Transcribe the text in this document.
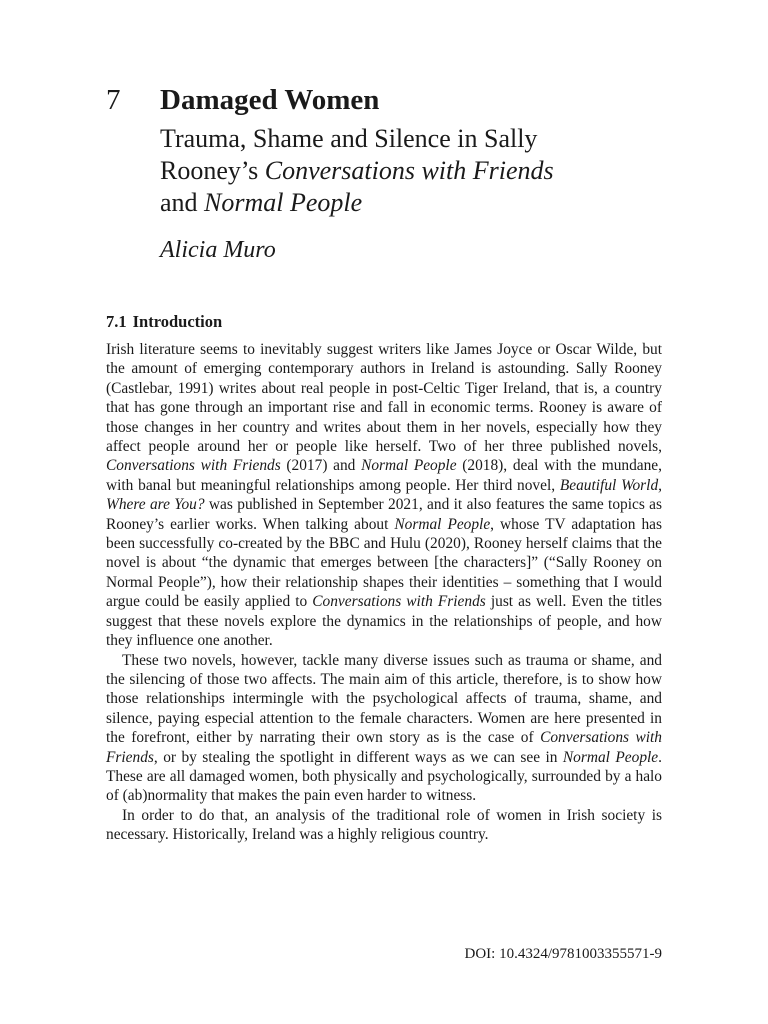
7	Damaged Women
Trauma, Shame and Silence in Sally
Rooney’s Conversations with Friends
and Normal People
Alicia Muro
7.1 Introduction

Irish literature seems to inevitably suggest writers like James Joyce or Oscar Wilde, but the amount of emerging contemporary authors in Ireland is astounding. Sally Rooney (Castlebar, 1991) writes about real people in post-Celtic Tiger Ireland, that is, a country that has gone through an important rise and fall in economic terms. Rooney is aware of those changes in her country and writes about them in her novels, especially how they affect people around her or people like herself. Two of her three published novels, Conversations with Friends (2017) and Normal People (2018), deal with the mundane, with banal but meaningful relationships among people. Her third novel, Beautiful World, Where are You? was published in September 2021, and it also features the same topics as Rooney’s earlier works. When talking about Normal People, whose TV adaptation has been successfully co-created by the BBC and Hulu (2020), Rooney herself claims that the novel is about “the dynamic that emerges between [the characters]” (“Sally Rooney on Normal People”), how their relationship shapes their identities – something that I would argue could be easily applied to Conversations with Friends just as well. Even the titles suggest that these novels explore the dynamics in the relationships of people, and how they influence one another.

These two novels, however, tackle many diverse issues such as trauma or shame, and the silencing of those two affects. The main aim of this article, therefore, is to show how those relationships intermingle with the psychological affects of trauma, shame, and silence, paying especial attention to the female characters. Women are here presented in the forefront, either by narrating their own story as is the case of Conversations with Friends, or by stealing the spotlight in different ways as we can see in Normal People. These are all damaged women, both physically and psychologically, surrounded by a halo of (ab)normality that makes the pain even harder to witness.

In order to do that, an analysis of the traditional role of women in Irish society is necessary. Historically, Ireland was a highly religious country.

DOI: 10.4324/9781003355571-9
